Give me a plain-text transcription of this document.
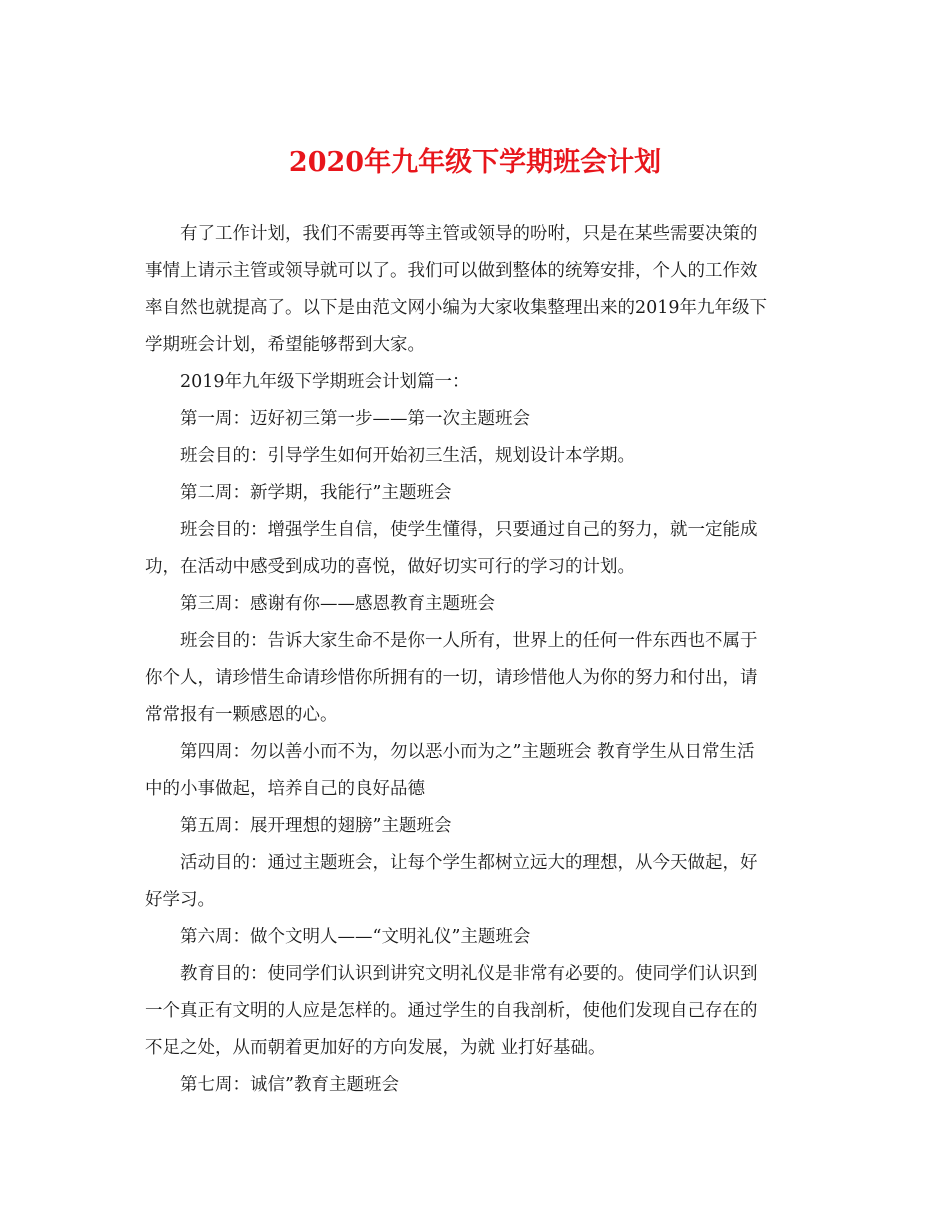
2020年九年级下学期班会计划
有了工作计划，我们不需要再等主管或领导的吩咐，只是在某些需要决策的
事情上请示主管或领导就可以了。我们可以做到整体的统筹安排，个人的工作效
率自然也就提高了。以下是由范文网小编为大家收集整理出来的2019年九年级下
学期班会计划，希望能够帮到大家。
2019年九年级下学期班会计划篇一：
第一周：迈好初三第一步——第一次主题班会
班会目的：引导学生如何开始初三生活，规划设计本学期。
第二周：新学期，我能行”主题班会
班会目的：增强学生自信，使学生懂得，只要通过自己的努力，就一定能成
功，在活动中感受到成功的喜悦，做好切实可行的学习的计划。
第三周：感谢有你——感恩教育主题班会
班会目的：告诉大家生命不是你一人所有，世界上的任何一件东西也不属于
你个人，请珍惜生命请珍惜你所拥有的一切，请珍惜他人为你的努力和付出，请
常常报有一颗感恩的心。
第四周：勿以善小而不为，勿以恶小而为之”主题班会 教育学生从日常生活
中的小事做起，培养自己的良好品德
第五周：展开理想的翅膀”主题班会
活动目的：通过主题班会，让每个学生都树立远大的理想，从今天做起，好
好学习。
第六周：做个文明人——“文明礼仪”主题班会
教育目的：使同学们认识到讲究文明礼仪是非常有必要的。使同学们认识到
一个真正有文明的人应是怎样的。通过学生的自我剖析，使他们发现自己存在的
不足之处，从而朝着更加好的方向发展，为就 业打好基础。
第七周：诚信”教育主题班会
